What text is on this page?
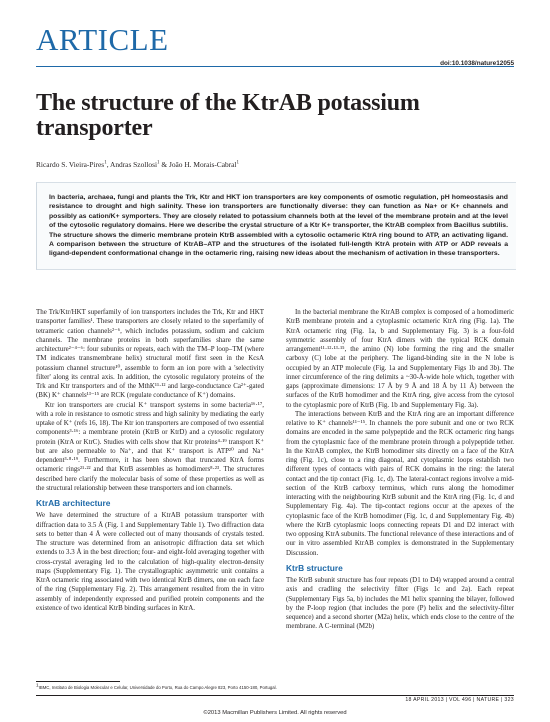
ARTICLE
doi:10.1038/nature12055
The structure of the KtrAB potassium transporter
Ricardo S. Vieira-Pires$^1$, Andras Szollosi$^1$ & João H. Morais-Cabral$^1$
In bacteria, archaea, fungi and plants the Trk, Ktr and HKT ion transporters are key components of osmotic regulation, pH homeostasis and resistance to drought and high salinity. These ion transporters are functionally diverse: they can function as Na+ or K+ channels and possibly as cation/K+ symporters. They are closely related to potassium channels both at the level of the membrane protein and at the level of the cytosolic regulatory domains. Here we describe the crystal structure of a Ktr K+ transporter, the KtrAB complex from Bacillus subtilis. The structure shows the dimeric membrane protein KtrB assembled with a cytosolic octameric KtrA ring bound to ATP, an activating ligand. A comparison between the structure of KtrAB–ATP and the structures of the isolated full-length KtrA protein with ATP or ADP reveals a ligand-dependent conformational change in the octameric ring, raising new ideas about the mechanism of activation in these transporters.

The Trk/Ktr/HKT superfamily of ion transporters includes the Trk, Ktr and HKT transporter families¹. These transporters are closely related to the superfamily of tetrameric cation channels²⁻⁶, which includes potassium, sodium and calcium channels. The membrane proteins in both superfamilies share the same architecture²⁻⁴⁻⁶: four subunits or repeats, each with the TM–P loop–TM (where TM indicates transmembrane helix) structural motif first seen in the KcsA potassium channel structure¹⁰, assemble to form an ion pore with a 'selectivity filter' along its central axis. In addition, the cytosolic regulatory proteins of the Trk and Ktr transporters and of the MthK¹¹·¹² and large-conductance Ca²⁺-gated (BK) K⁺ channels¹³⁻¹⁵ are RCK (regulate conductance of K⁺) domains.

Ktr ion transporters are crucial K⁺ transport systems in some bacteria¹⁶·¹⁷, with a role in resistance to osmotic stress and high salinity by mediating the early uptake of K⁺ (refs 16, 18). The Ktr ion transporters are composed of two essential components³·¹⁶: a membrane protein (KtrB or KtrD) and a cytosolic regulatory protein (KtrA or KtrC). Studies with cells show that Ktr proteins⁴·¹⁹ transport K⁺ but are also permeable to Na⁺, and that K⁺ transport is ATP²⁰ and Na⁺ dependent³·⁸·¹⁹. Furthermore, it has been shown that truncated KtrA forms octameric rings²¹·²² and that KtrB assembles as homodimers⁸·²³. The structures described here clarify the molecular basis of some of these properties as well as the structural relationship between these transporters and ion channels.

KtrAB architecture

We have determined the structure of a KtrAB potassium transporter with diffraction data to 3.5 Å (Fig. 1 and Supplementary Table 1). Two diffraction data sets to better than 4 Å were collected out of many thousands of crystals tested. The structure was determined from an anisotropic diffraction data set which extends to 3.3 Å in the best direction; four- and eight-fold averaging together with cross-crystal averaging led to the calculation of high-quality electron-density maps (Supplementary Fig. 1). The crystallographic asymmetric unit contains a KtrA octameric ring associated with two identical KtrB dimers, one on each face of the ring (Supplementary Fig. 2). This arrangement resulted from the in vitro assembly of independently expressed and purified protein components and the existence of two identical KtrB binding surfaces in KtrA.

In the bacterial membrane the KtrAB complex is composed of a homodimeric KtrB membrane protein and a cytoplasmic octameric KtrA ring (Fig. 1a). The KtrA octameric ring (Fig. 1a, b and Supplementary Fig. 3) is a four-fold symmetric assembly of four KtrA dimers with the typical RCK domain arrangement¹¹·¹²·¹³·¹⁵, the amino (N) lobe forming the ring and the smaller carboxy (C) lobe at the periphery. The ligand-binding site in the N lobe is occupied by an ATP molecule (Fig. 1a and Supplementary Figs 1b and 3b). The inner circumference of the ring delimits a ~30-Å-wide hole which, together with gaps (approximate dimensions: 17 Å by 9 Å and 18 Å by 11 Å) between the surfaces of the KtrB homodimer and the KtrA ring, give access from the cytosol to the cytoplasmic pore of KtrB (Fig. 1b and Supplementary Fig. 3a).

The interactions between KtrB and the KtrA ring are an important difference relative to K⁺ channels¹¹⁻¹⁵. In channels the pore subunit and one or two RCK domains are encoded in the same polypeptide and the RCK octameric ring hangs from the cytoplasmic face of the membrane protein through a polypeptide tether. In the KtrAB complex, the KtrB homodimer sits directly on a face of the KtrA ring (Fig. 1c), close to a ring diagonal, and cytoplasmic loops establish two different types of contacts with pairs of RCK domains in the ring: the lateral contact and the tip contact (Fig. 1c, d). The lateral-contact regions involve a mid-section of the KtrB carboxy terminus, which runs along the homodimer interacting with the neighbouring KtrB subunit and the KtrA ring (Fig. 1c, d and Supplementary Fig. 4a). The tip-contact regions occur at the apexes of the cytoplasmic face of the KtrB homodimer (Fig. 1c, d and Supplementary Fig. 4b) where the KtrB cytoplasmic loops connecting repeats D1 and D2 interact with two opposing KtrA subunits. The functional relevance of these interactions and of our in vitro assembled KtrAB complex is demonstrated in the Supplementary Discussion.

KtrB structure

The KtrB subunit structure has four repeats (D1 to D4) wrapped around a central axis and cradling the selectivity filter (Figs 1c and 2a). Each repeat (Supplementary Figs 5a, b) includes the M1 helix spanning the bilayer, followed by the P-loop region (that includes the pore (P) helix and the selectivity-filter sequence) and a second shorter (M2a) helix, which ends close to the centre of the membrane. A C-terminal (M2b)

$^1$IBMC, Instituto de Biologia Molecular e Celular, Universidade do Porto, Rua do Campo Alegre 823, Porto 4150-180, Portugal.
18 APRIL 2013 | VOL 496 | NATURE | 323
©2013 Macmillan Publishers Limited. All rights reserved
